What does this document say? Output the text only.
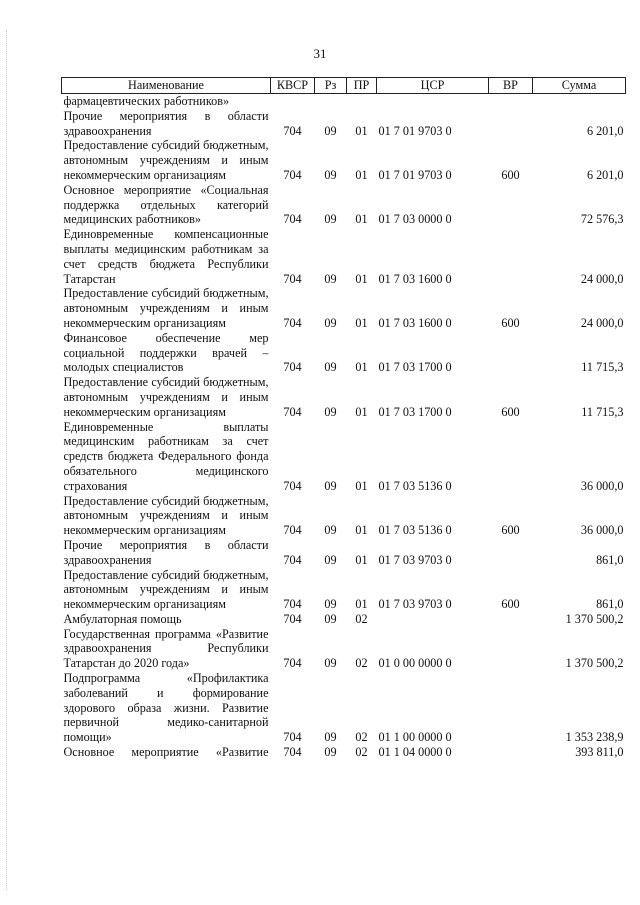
31
Наименование	КВСР	Рз	ПР	ЦСР	ВР	Сумма
фармацевтических работников»						
Прочие мероприятия в области здравоохранения	704	09	01	01 7 01 9703 0		6 201,0
Предоставление субсидий бюджетным, автономным учреждениям и иным некоммерческим организациям	704	09	01	01 7 01 9703 0	600	6 201,0
Основное мероприятие «Социальная поддержка отдельных категорий медицинских работников»	704	09	01	01 7 03 0000 0		72 576,3
Единовременные компенсационные выплаты медицинским работникам за счет средств бюджета Республики Татарстан	704	09	01	01 7 03 1600 0		24 000,0
Предоставление субсидий бюджетным, автономным учреждениям и иным некоммерческим организациям	704	09	01	01 7 03 1600 0	600	24 000,0
Финансовое обеспечение мер социальной поддержки врачей – молодых специалистов	704	09	01	01 7 03 1700 0		11 715,3
Предоставление субсидий бюджетным, автономным учреждениям и иным некоммерческим организациям	704	09	01	01 7 03 1700 0	600	11 715,3
Единовременные выплаты медицинским работникам за счет средств бюджета Федерального фонда обязательного медицинского страхования	704	09	01	01 7 03 5136 0		36 000,0
Предоставление субсидий бюджетным, автономным учреждениям и иным некоммерческим организациям	704	09	01	01 7 03 5136 0	600	36 000,0
Прочие мероприятия в области здравоохранения	704	09	01	01 7 03 9703 0		861,0
Предоставление субсидий бюджетным, автономным учреждениям и иным некоммерческим организациям	704	09	01	01 7 03 9703 0	600	861,0
Амбулаторная помощь	704	09	02			1 370 500,2
Государственная программа «Развитие здравоохранения Республики Татарстан до 2020 года»	704	09	02	01 0 00 0000 0		1 370 500,2
Подпрограмма «Профилактика заболеваний и формирование здорового образа жизни. Развитие первичной медико-санитарной помощи»	704	09	02	01 1 00 0000 0		1 353 238,9
Основное мероприятие «Развитие	704	09	02	01 1 04 0000 0		393 811,0
